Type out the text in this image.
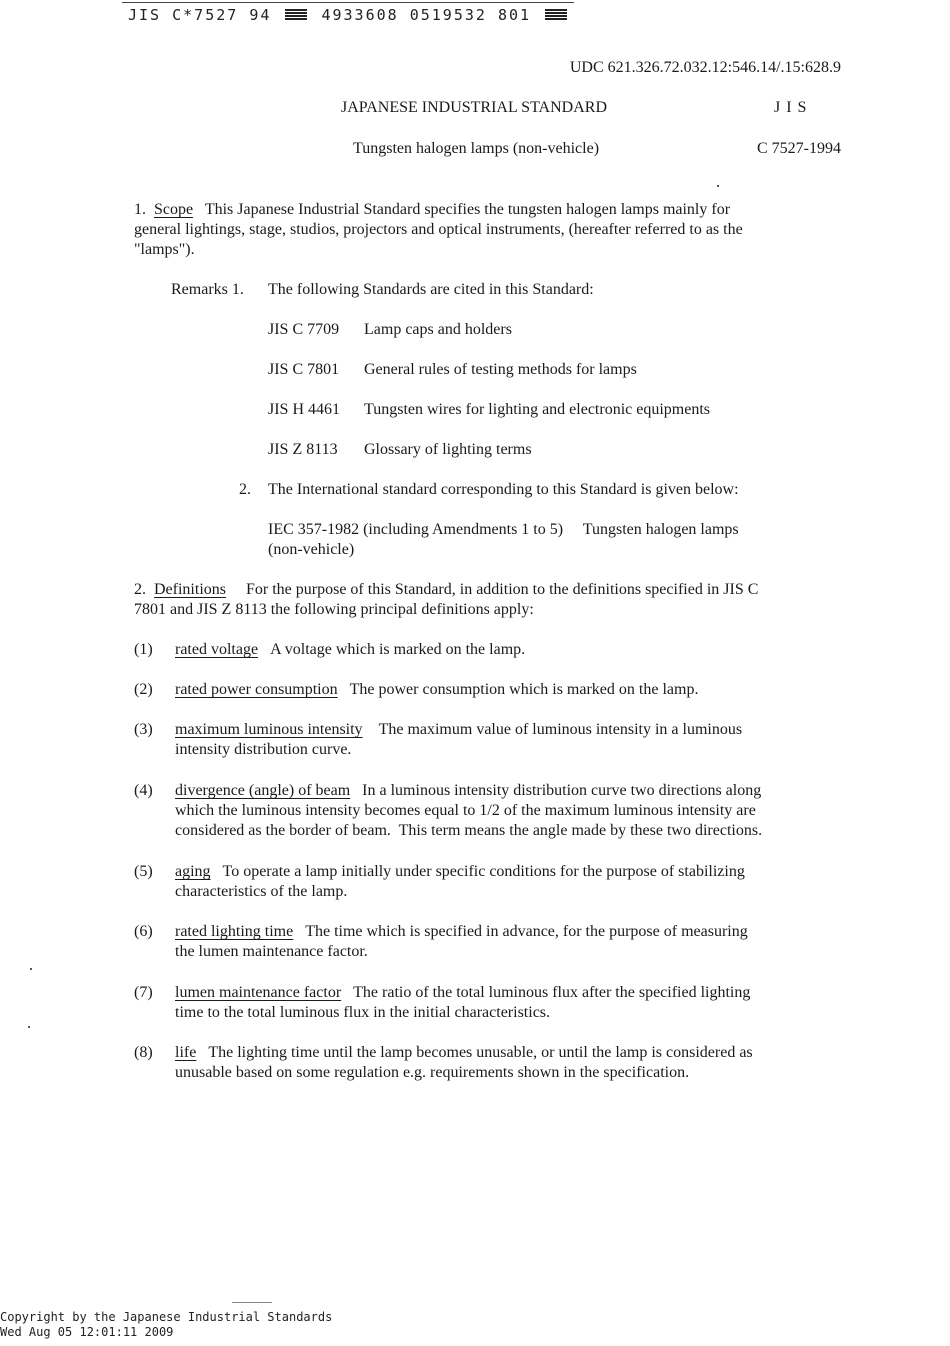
JIS C*7527 94	4933608 0519532 801
UDC 621.326.72.032.12:546.14/.15:628.9
JAPANESE INDUSTRIAL STANDARD	J I S
Tungsten halogen lamps (non-vehicle)	C 7527-1994
1. Scope This Japanese Industrial Standard specifies the tungsten halogen lamps mainly for
general lightings, stage, studios, projectors and optical instruments, (hereafter referred to as the
"lamps").
Remarks 1. The following Standards are cited in this Standard:
JIS C 7709 Lamp caps and holders
JIS C 7801 General rules of testing methods for lamps
JIS H 4461 Tungsten wires for lighting and electronic equipments
JIS Z 8113 Glossary of lighting terms
2. The International standard corresponding to this Standard is given below:
IEC 357-1982 (including Amendments 1 to 5)     Tungsten halogen lamps
(non-vehicle)
2. Definitions For the purpose of this Standard, in addition to the definitions specified in JIS C
7801 and JIS Z 8113 the following principal definitions apply:
(1)	rated voltage A voltage which is marked on the lamp.
(2)	rated power consumption The power consumption which is marked on the lamp.
(3)	maximum luminous intensity The maximum value of luminous intensity in a luminous
intensity distribution curve.
(4)	divergence (angle) of beam In a luminous intensity distribution curve two directions along
which the luminous intensity becomes equal to 1/2 of the maximum luminous intensity are
considered as the border of beam.  This term means the angle made by these two directions.
(5)	aging To operate a lamp initially under specific conditions for the purpose of stabilizing
characteristics of the lamp.
(6)	rated lighting time The time which is specified in advance, for the purpose of measuring
the lumen maintenance factor.
(7)	lumen maintenance factor The ratio of the total luminous flux after the specified lighting
time to the total luminous flux in the initial characteristics.
(8)	life The lighting time until the lamp becomes unusable, or until the lamp is considered as
unusable based on some regulation e.g. requirements shown in the specification.
Copyright by the Japanese Industrial Standards
Wed Aug 05 12:01:11 2009
